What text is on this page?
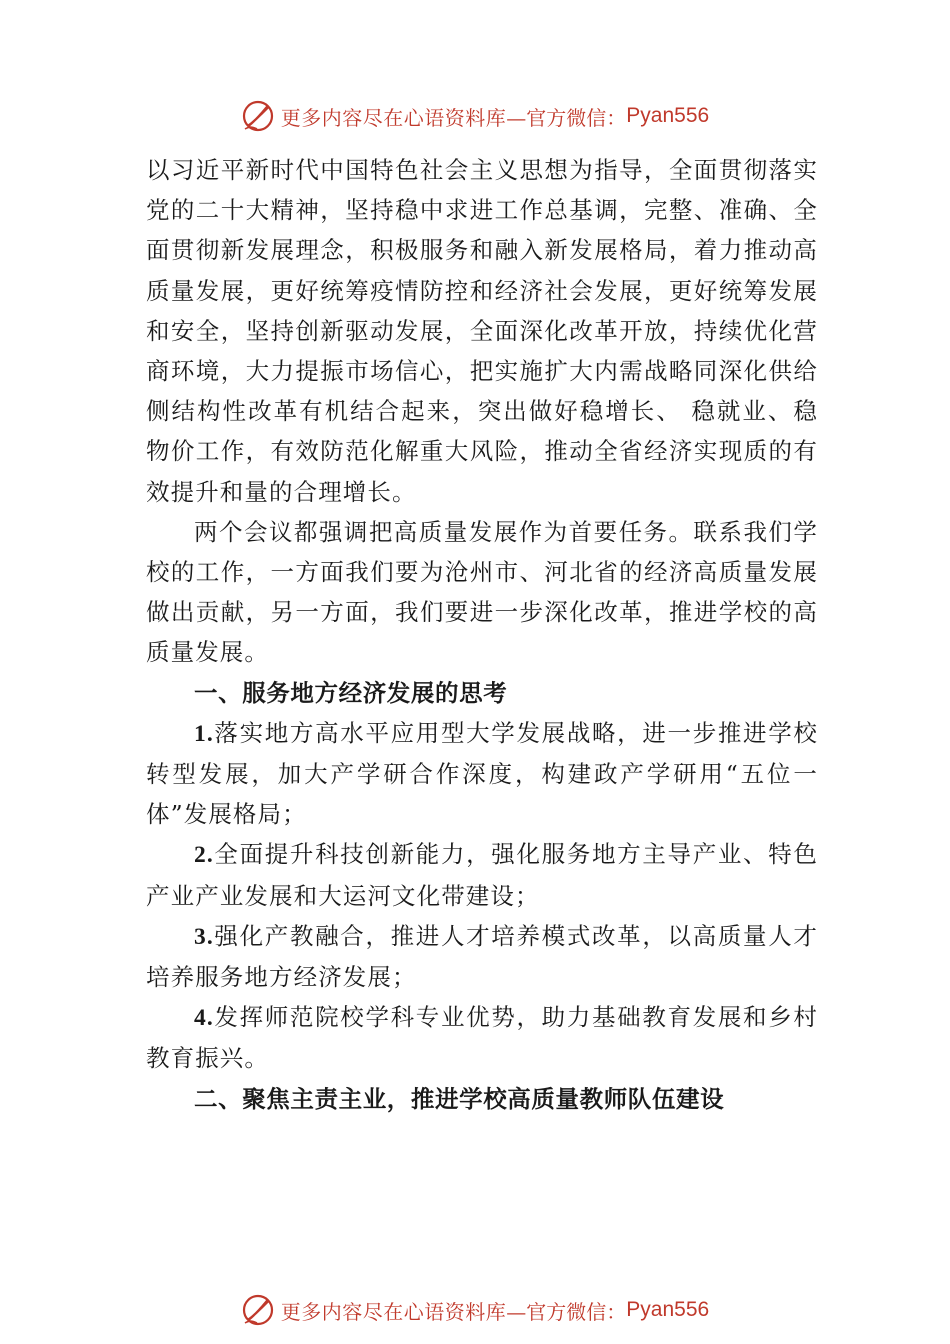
更多内容尽在心语资料库 —官方微信： Pyan556

以习近平新时代中国特色社会主义思想为指导，全面贯彻落实党的二十大精神，坚持稳中求进工作总基调，完整、准确、全面贯彻新发展理念，积极服务和融入新发展格局，着力推动高质量发展，更好统筹疫情防控和经济社会发展，更好统筹发展和安全，坚持创新驱动发展，全面深化改革开放，持续优化营商环境，大力提振市场信心，把实施扩大内需战略同深化供给侧结构性改革有机结合起来，突出做好稳增长、 稳就业、稳物价工作，有效防范化解重大风险，推动全省经济实现质的有效提升和量的合理增长。

两个会议都强调把高质量发展作为首要任务。联系我们学校的工作，一方面我们要为沧州市、河北省的经济高质量发展做出贡献，另一方面，我们要进一步深化改革，推进学校的高质量发展。

一、服务地方经济发展的思考

1.落实地方高水平应用型大学发展战略，进一步推进学校转型发展，加大产学研合作深度，构建政产学研用“五位一体”发展格局；

2.全面提升科技创新能力，强化服务地方主导产业、特色产业产业发展和大运河文化带建设；

3.强化产教融合，推进人才培养模式改革，以高质量人才培养服务地方经济发展；

4.发挥师范院校学科专业优势，助力基础教育发展和乡村教育振兴。

二、聚焦主责主业，推进学校高质量教师队伍建设

更多内容尽在心语资料库 —官方微信： Pyan556
